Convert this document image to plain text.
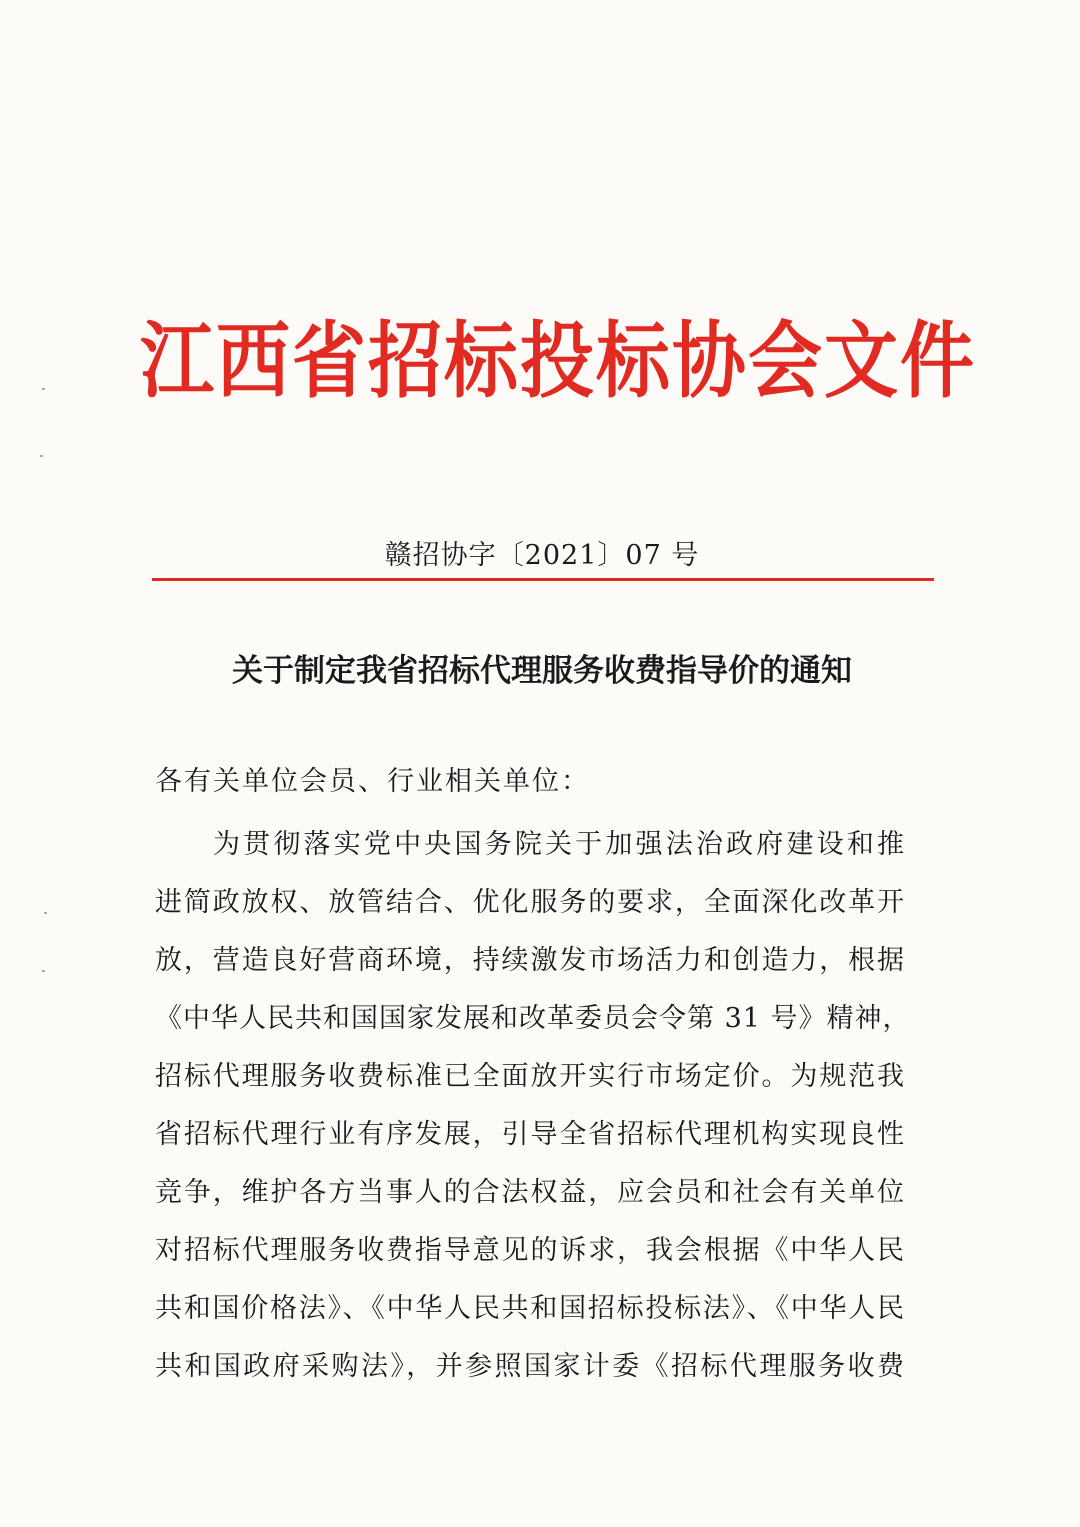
江西省招标投标协会文件
赣招协字〔2021〕07 号
关于制定我省招标代理服务收费指导价的通知
各有关单位会员、行业相关单位：
为贯彻落实党中央国务院关于加强法治政府建设和推
进简政放权、放管结合、优化服务的要求，全面深化改革开
放，营造良好营商环境，持续激发市场活力和创造力，根据
《中华人民共和国国家发展和改革委员会令第 31 号》精神，
招标代理服务收费标准已全面放开实行市场定价。为规范我
省招标代理行业有序发展，引导全省招标代理机构实现良性
竞争，维护各方当事人的合法权益，应会员和社会有关单位
对招标代理服务收费指导意见的诉求，我会根据《中华人民
共和国价格法》、《中华人民共和国招标投标法》、《中华人民
共和国政府采购法》，并参照国家计委《招标代理服务收费
